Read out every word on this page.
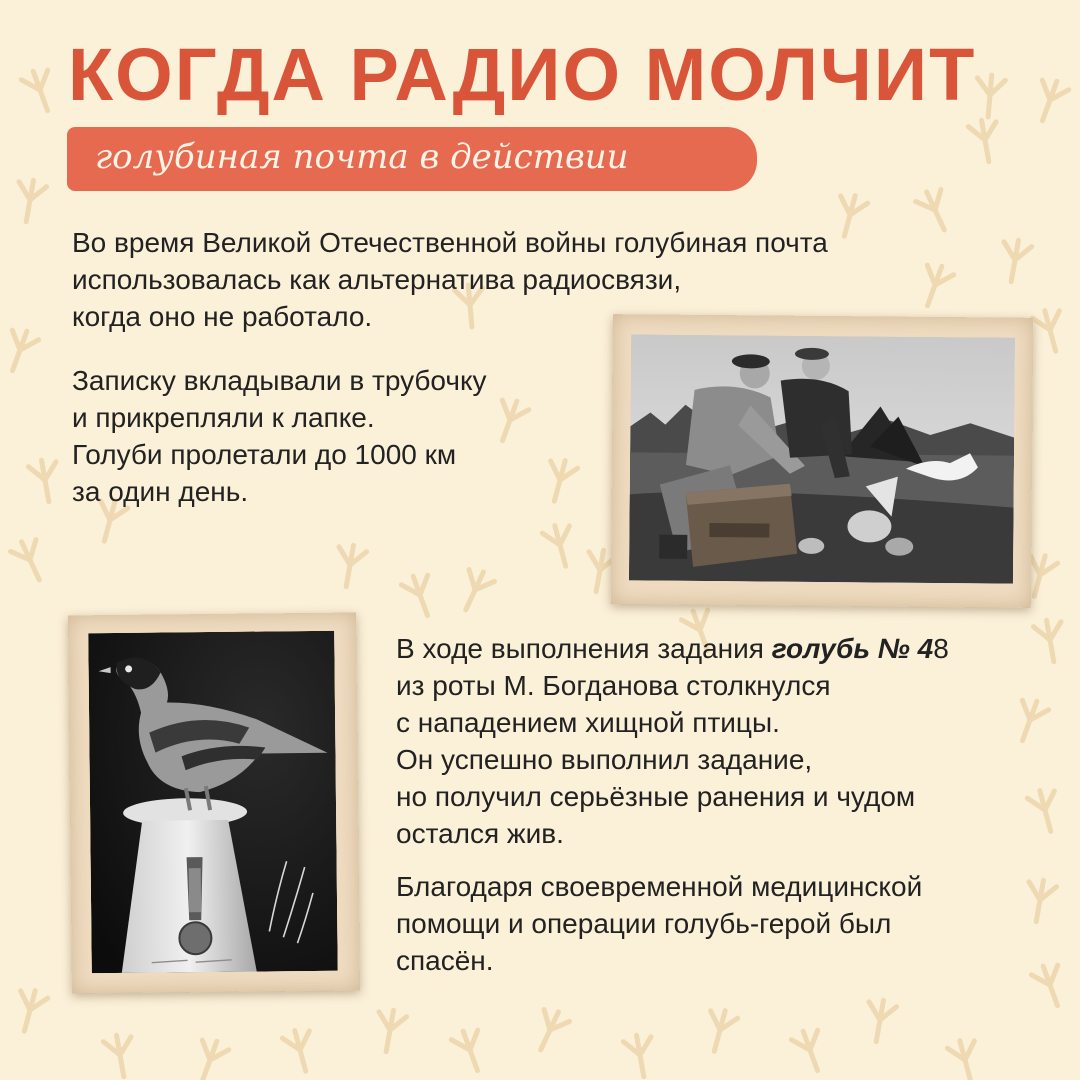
КОГДА РАДИО МОЛЧИТ
голубиная почта в действии
Во время Великой Отечественной войны голубиная почта
использовалась как альтернатива радиосвязи,
когда оно не работало.
Записку вкладывали в трубочку
и прикрепляли к лапке.
Голуби пролетали до 1000 км
за один день.
В ходе выполнения задания голубь № 48
из роты М. Богданова столкнулся
с нападением хищной птицы.
Он успешно выполнил задание,
но получил серьёзные ранения и чудом
остался жив.
Благодаря своевременной медицинской
помощи и операции голубь-герой был
спасён.
